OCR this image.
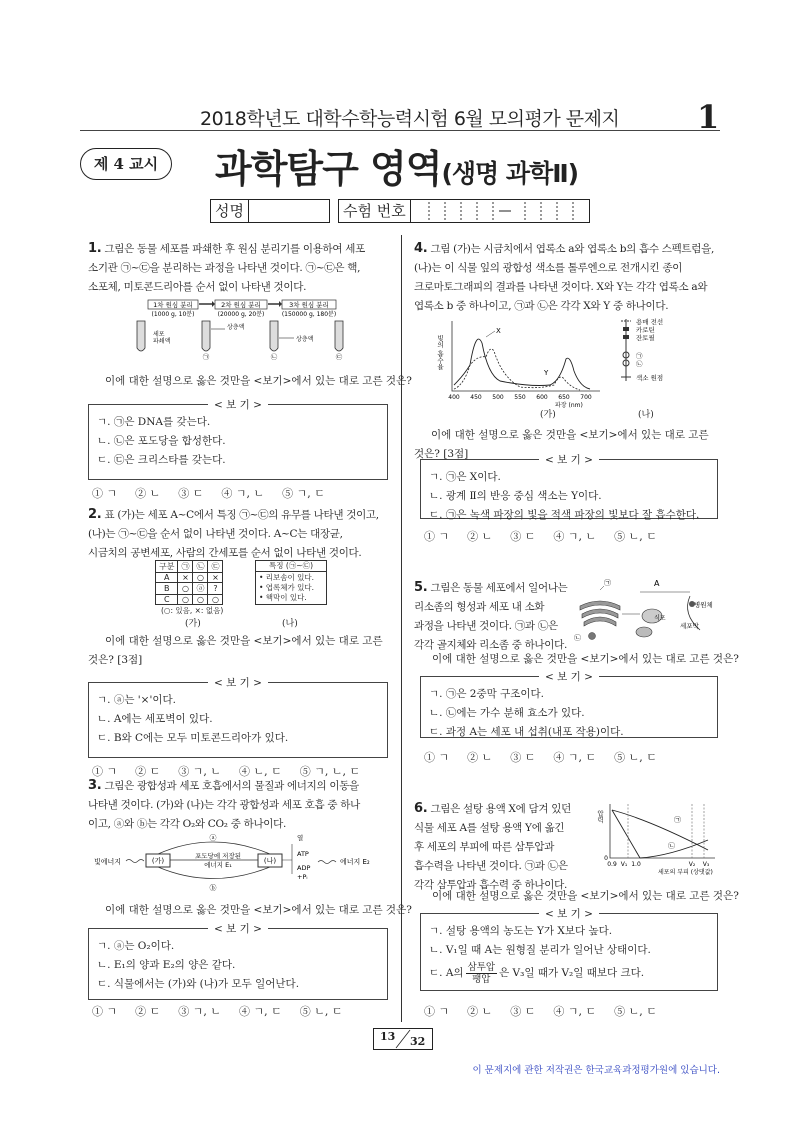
2018학년도 대학수학능력시험 6월 모의평가 문제지 1
제 4 교시	과학탐구 영역(생명 과학Ⅱ)
성명	수험 번호
1. 그림은 동물 세포를 파쇄한 후 원심 분리기를 이용하여 세포
소기관 ㉠~㉢을 분리하는 과정을 나타낸 것이다. ㉠~㉢은 핵,
소포체, 미토콘드리아를 순서 없이 나타낸 것이다.
1차 원심 분리	2차 원심 분리	3차 원심 분리
(1000 g, 10분)	(20000 g, 20분)	(150000 g, 180분)
세포
파쇄액
상층액
상층액
㉠	㉡	㉢
이에 대한 설명으로 옳은 것만을 <보기>에서 있는 대로 고른 것은?
< 보 기 >
ㄱ. ㉠은 DNA를 갖는다.
ㄴ. ㉡은 포도당을 합성한다.
ㄷ. ㉢은 크리스타를 갖는다.
① ㄱ ② ㄴ ③ ㄷ ④ ㄱ, ㄴ ⑤ ㄱ, ㄷ
2. 표 (가)는 세포 A~C에서 특징 ㉠~㉢의 유무를 나타낸 것이고,
(나)는 ㉠~㉢을 순서 없이 나타낸 것이다. A~C는 대장균,
시금치의 공변세포, 사람의 간세포를 순서 없이 나타낸 것이다.
구분	㉠	㉡	㉢
A	×	○	×
B	○	ⓐ	?
C	○	○	○
(○: 있음, ×: 없음)
특징 (㉠~㉢)
• 리보솜이 있다.
• 엽록체가 있다.
• 핵막이 있다.
(가)	(나)
이에 대한 설명으로 옳은 것만을 <보기>에서 있는 대로 고른
것은? [3점]
< 보 기 >
ㄱ. ⓐ는 '×'이다.
ㄴ. A에는 세포벽이 있다.
ㄷ. B와 C에는 모두 미토콘드리아가 있다.
① ㄱ ② ㄷ ③ ㄱ, ㄴ ④ ㄴ, ㄷ ⑤ ㄱ, ㄴ, ㄷ
3. 그림은 광합성과 세포 호흡에서의 물질과 에너지의 이동을
나타낸 것이다. (가)와 (나)는 각각 광합성과 세포 호흡 중 하나
이고, ⓐ와 ⓑ는 각각 O₂와 CO₂ 중 하나이다.
빛에너지	(가)	(나)
포도당에 저장된
에너지 E₁
ⓐ
ⓑ
열
ATP
ADP
+Pᵢ
에너지 E₂
이에 대한 설명으로 옳은 것만을 <보기>에서 있는 대로 고른 것은?
< 보 기 >
ㄱ. ⓐ는 O₂이다.
ㄴ. E₁의 양과 E₂의 양은 같다.
ㄷ. 식물에서는 (가)와 (나)가 모두 일어난다.
① ㄱ ② ㄷ ③ ㄱ, ㄴ ④ ㄱ, ㄷ ⑤ ㄴ, ㄷ
4. 그림 (가)는 시금치에서 엽록소 a와 엽록소 b의 흡수 스펙트럼을,
(나)는 이 식물 잎의 광합성 색소를 톨루엔으로 전개시킨 종이
크로마토그래피의 결과를 나타낸 것이다. X와 Y는 각각 엽록소 a와
엽록소 b 중 하나이고, ㉠과 ㉡은 각각 X와 Y 중 하나이다.
빛의 흡수율
X
Y
400 450 500 550 600 650 700
파장 (nm)
용매 전선
카로틴
잔토필
㉠
㉡
색소 원점
(가)	(나)
이에 대한 설명으로 옳은 것만을 <보기>에서 있는 대로 고른
것은? [3점]	< 보 기 >
ㄱ. ㉠은 X이다.
ㄴ. 광계 Ⅱ의 반응 중심 색소는 Y이다.
ㄷ. ㉠은 녹색 파장의 빛을 적색 파장의 빛보다 잘 흡수한다.
① ㄱ ② ㄴ ③ ㄷ ④ ㄱ, ㄴ ⑤ ㄴ, ㄷ
5. 그림은 동물 세포에서 일어나는
리소좀의 형성과 세포 내 소화
과정을 나타낸 것이다. ㉠과 ㉡은
각각 골지체와 리소좀 중 하나이다.
㉠
㉡
A
병원체
세포막
식포
이에 대한 설명으로 옳은 것만을 <보기>에서 있는 대로 고른 것은?
< 보 기 >
ㄱ. ㉠은 2중막 구조이다.
ㄴ. ㉡에는 가수 분해 효소가 있다.
ㄷ. 과정 A는 세포 내 섭취(내포 작용)이다.
① ㄱ ② ㄴ ③ ㄷ ④ ㄱ, ㄷ ⑤ ㄴ, ㄷ
6. 그림은 설탕 용액 X에 담겨 있던
식물 세포 A를 설탕 용액 Y에 옮긴
후 세포의 부피에 따른 삼투압과
흡수력을 나타낸 것이다. ㉠과 ㉡은
각각 삼투압과 흡수력 중 하나이다.
압력	㉠
㉡
0
0.9 V₁ 1.0	V₂ V₃
세포의 부피 (상댓값)
이에 대한 설명으로 옳은 것만을 <보기>에서 있는 대로 고른 것은?
< 보 기 >
ㄱ. 설탕 용액의 농도는 Y가 X보다 높다.
ㄴ. V₁일 때 A는 원형질 분리가 일어난 상태이다.
ㄷ. A의 삼투압
팽압
은 V₃일 때가 V₂일 때보다 크다.
① ㄱ ② ㄴ ③ ㄷ ④ ㄱ, ㄷ ⑤ ㄴ, ㄷ
13 32
이 문제지에 관한 저작권은 한국교육과정평가원에 있습니다.
